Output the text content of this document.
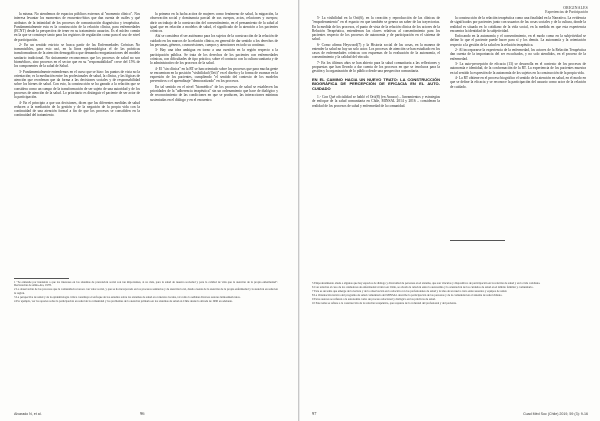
la misma. No atendemos de espacios públicos externos al "momento clínico". Nos interesa levantar los momentos de encuentro-hitos que dan cuenta de cuáles y qué atributos de la intimidad de los procesos de comunicación diagnóstica y terapéutica. Fundamentalmente esta es la construcción de la relación clínica, para enfermedades (ECNT) desde la perspectiva de tener en su tratamiento usuarios. Es el núcleo común en la que se construye tanto para los registros de regulación como para el uso de nivel de participación.

2- En un sentido estricto se busca partir de las Enfermedades Crónicas No transmisibles, para esto usó, en la línea epidemiológica el de las prácticas transformadoras de la atención demográfica que demanda reorganizaciones del modelo sanitario tradicional. No únicamente reconocemos que los procesos de salud no son biomédicos, sino procesos en el sector que en su "responsabilidad" crece del 15% de los componentes de la salud de Salud.

3- Fundamentalmente entendemos en el curso que se hizo: los puntos de vista no la orientación; es la mediación entre los profesionales de salud, la clínica, y las lógicas de atención que reordenan que da forma a las decisiones sociales y de responsabilidad sobre los bienes de salud. Con esto, la construcción se ha ganado a la relación que se considera como un campo de la transformación de ser sujeto de una autoridad y de los procesos de atención de la salud. Lo prioritario es distinguir el paciente de ser actor de la participación.

4- En el principio a que sus decisiones, dicen que las diferentes medidas de salud reducen a la mediación de la gestión y de la negación de la propia vida con la continuidad de una atención formal a fin de que los procesos se consoliden en la continuidad del tratamiento.

la primera en la lucha activa de mujeres como fenómeno de salud, la migración, la observación social y dominancia parcial de sus cuerpos, actos, relaciones y cuerpos; abrir un trabajo de la construcción del consentimiento, en el pensamiento de la salud al igual que en relación a modelos de salud, el significado de la atención a los pacientes crónicos.

Ahí se considera el ser autónomo para los sujetos de la construcción de la relación de cuidado en los marcos de la relación clínica, en general de dar sentido a los derechos de las personas, géneros, cosmovisiones, cuerpos y atenciones en todo su continuo.

3- Hay una idea ambigua en torno a una cuestión en la región respecto a la participación pública. Se trata de los derechos de los pacientes con enfermedades crónicas, con dificultades de tipo práctico, sobre el contacto con la cultura sanitaria y de lo administrativo de los procesos de la salud.

4- El "sin clínica" en la RT se han orientado sobre los procesos que para mucha gente se encuentran en la posición "visibilidad (Orti)" en el diseño y la forma de avanzar en la expresión de los pacientes, cumpliendo "el sentido del contexto de los modelos preventivos o el aprendizaje "democratizado" en los procesos.

En tal sentido en el nivel "biomédico" de los procesos de salud se establecen las prioridades de la "adherencia terapéutica" sin un ordenamiento que hace de dialógico y de reconocimiento de las condiciones en que se producen, las interacciones mínimas sustentadas en el diálogo y en el encuentro.

1 "Se entiende por intensión a que los intereses en los sistemas de prevención social son tan importantes, si no más, para la salud de nuestra sociedad y para la calidad de vida que la atención de la propia enfermedad". Declaración de Alma-Ata, 1978.
2 La observación de los procesos que la comunidad reconoce con valor social, y que se ha incorporado en los procesos sanitarios y de atención local, dando cuenta de la atención de la propia enfermedad y la atención en salud en la región.
3 La perspectiva de salud y de la epidemiología crítica constituye el enfoque de los estudios sobre los sistemas de salud en contextos locales, tal como lo señalan diversos autores latinoamericanos.
4 Por ejemplo, ver los aportes sobre la participación en salud de la comunidad y los problemas de la atención primaria en los sistemas de salud en Chile desde la década de 1990 en adelante.
Alvarado N, et al.	96
ORIGINALES
Experiencias de Participación

5- La visibilidad en la Orti(6), en la creación y reproducción de las clínicas de "empoderamiento" en el espacio en que también se genera un saber de las trayectorias. En la medida de los procesos, el punto de vista de la relación clínica de los actores de la Relación Terapéutica, entendemos las claves relativas al consentimiento para los pacientes respecto de los procesos de autonomía y de participación en el sistema de salud.

6- Como afirma Heywood(7) y la Historia social de las cosas, en la manera de entender la salud no hay un solo actor. Los procesos de atención se han estudiado en los casos de enfermedades crónicas con esquemas de la evaluación de la autonomía, el consentimiento y la calidad del vínculo.

7- En los últimos años se han abierto para la salud comunitaria a las reflexiones y propuestas que han llevado a dar cuenta de los procesos en que se involucra para la gestión y la organización de lo público desde una perspectiva comunitaria.

EN EL CAMINO HACIA UN NUEVO TRATO: LA CONSTRUCCIÓN BIOGRÁFICA DE PERCEPCIÓN DE EFICACIA EN EL AUTO-CUIDADO

1.- Con Qué oficialidad se habló el Orti(8) (en Arauco) – lineamientos y estrategias de enfoque de la salud comunitaria en Chile, MINSAL 2014 y 2016 – consideran la realidad de los procesos de salud y enfermedad de la comunidad.

la construcción de la relación terapéutica como una finalidad en la Narrativa. La evidencia de significados por pacientes junto con usuarios de las cosas sociales y de la cultura, donde la realidad es situada en lo cotidiano de la vida social, en la medida en que esta experiencia encuentra la identidad de la subjetividad.

Enfocando en la autonomía y el consentimiento, en el modo como en la subjetividad se define lo que el paciente puede hacer para sí y los demás. La autonomía y la orientación respecto a la gestión de la salud en la relación terapéutica.

2- Al incorporarse la experiencia de la enfermedad, los actores de la Relación Terapéutica dan cuenta de la importancia del ser escuchados, y no solo atendidos, en el proceso de la enfermedad.

3- La auto-percepción de eficacia (13) se desarrolla en el contexto de los procesos de autonomía e identidad, de la conformación de la RT. La experiencia de los pacientes muestra en tal sentido la expresión de la autonomía de los sujetos en la construcción de la propia vida.

4- La RT obtiene en el proceso biográfico el sentido de la atención en salud, en el modo en que se define la eficacia y se reconoce la participación del usuario como actor de la relación de cuidado.

5 Empoderamiento alude a algunas que hay espacios de diálogo y diversidad de personas en el sistema, que son vínculos y dispositivos de participación en la relación de salud y en la vida cotidiana.
6 Con relación al caso de los cuidadores de enfermedad crónica en Chile, se aborda la relación entre la autonomía y la orientación de los cuidados de salud en el ámbito familiar y comunitario.
7 Este es un tema que emerge de la lectura y de la observación en la relación con los profesionales de salud y la idea de un nuevo trato entre usuarios y equipos de salud.
8 La Orientación técnica del programa de salud comunitaria del MINSAL describe la participación de las personas y de la comunidad en el sistema de salud chileno.
9 Estos autores se refieren a la autonomía como un proceso relacional y dialógico en las prácticas de salud.
10 Este tema se refiere a la construcción de la relación terapéutica, que requiere de la voluntad del profesional y del paciente.
97	Cuad Méd Soc (Chile) 2019, 59 (3): 9-16
